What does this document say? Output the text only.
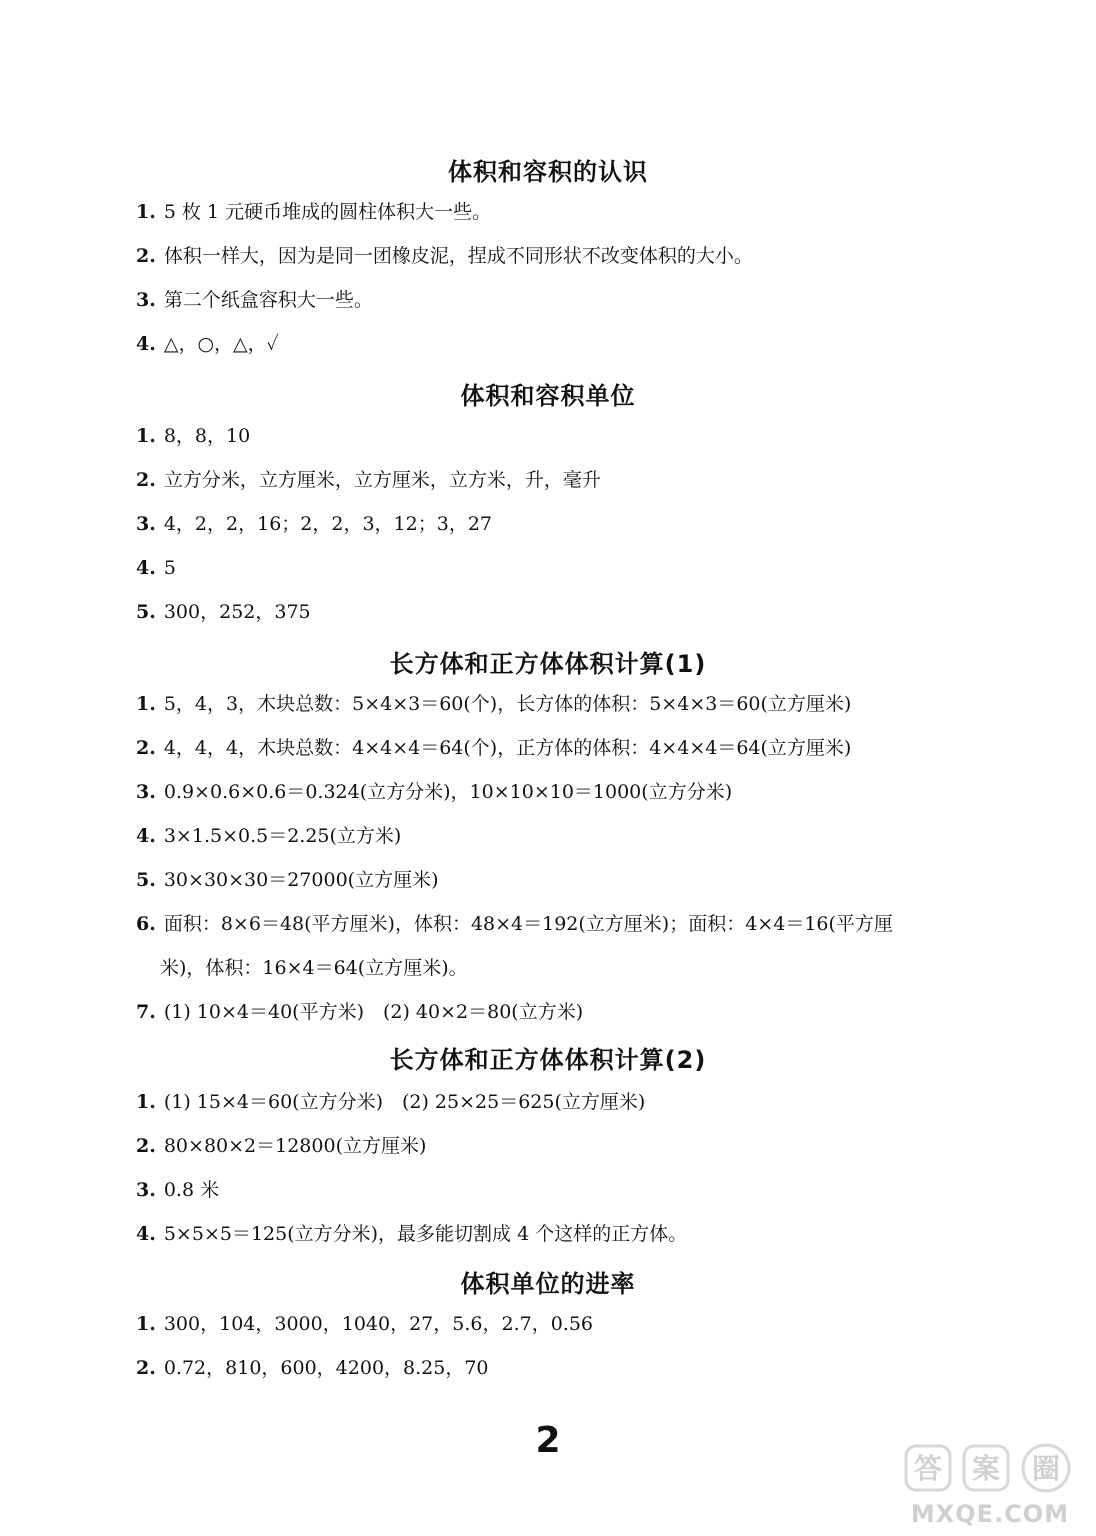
体积和容积的认识
1. 5 枚 1 元硬币堆成的圆柱体积大一些。
2. 体积一样大，因为是同一团橡皮泥，捏成不同形状不改变体积的大小。
3. 第二个纸盒容积大一些。
4. △，○，△，✓
体积和容积单位
1. 8，8，10
2. 立方分米，立方厘米，立方厘米，立方米，升，毫升
3. 4，2，2，16；2，2，3，12；3，27
4. 5
5. 300，252，375
长方体和正方体体积计算(1)
1. 5，4，3，木块总数：5×4×3＝60(个)，长方体的体积：5×4×3＝60(立方厘米)
2. 4，4，4，木块总数：4×4×4＝64(个)，正方体的体积：4×4×4＝64(立方厘米)
3. 0.9×0.6×0.6＝0.324(立方分米)，10×10×10＝1000(立方分米)
4. 3×1.5×0.5＝2.25(立方米)
5. 30×30×30＝27000(立方厘米)
6. 面积：8×6＝48(平方厘米)，体积：48×4＝192(立方厘米)；面积：4×4＝16(平方厘
米)，体积：16×4＝64(立方厘米)。
7. (1) 10×4＝40(平方米)　(2) 40×2＝80(立方米)
长方体和正方体体积计算(2)
1. (1) 15×4＝60(立方分米)　(2) 25×25＝625(立方厘米)
2. 80×80×2＝12800(立方厘米)
3. 0.8 米
4. 5×5×5＝125(立方分米)，最多能切割成 4 个这样的正方体。
体积单位的进率
1. 300，104，3000，1040，27，5.6，2.7，0.56
2. 0.72，810，600，4200，8.25，70
2
答 案 圈
MXQE.COM
